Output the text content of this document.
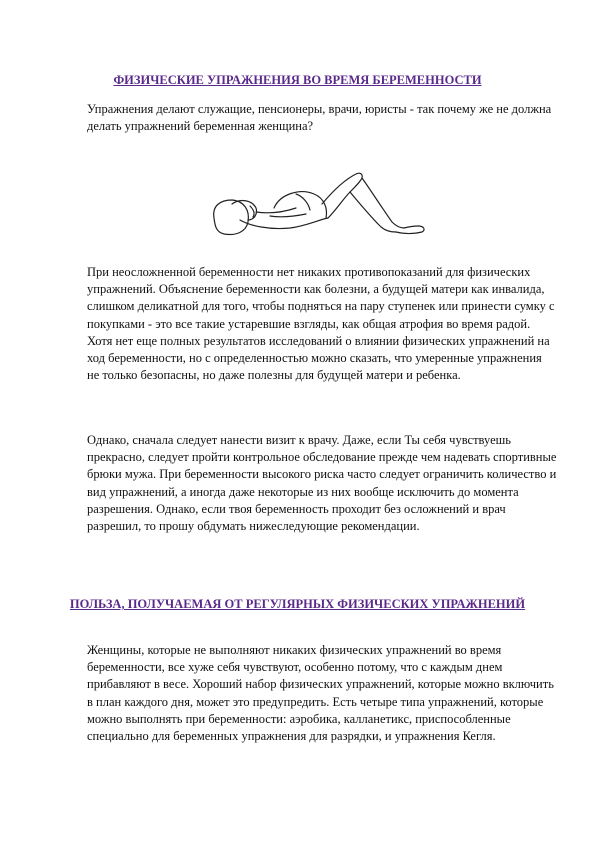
ФИЗИЧЕСКИЕ УПРАЖНЕНИЯ ВО ВРЕМЯ БЕРЕМЕННОСТИ

Упражнения делают служащие, пенсионеры, врачи, юристы - так почему же не должна делать упражнений беременная женщина?

При неосложненной беременности нет никаких противопоказаний для физических упражнений. Объяснение беременности как болезни, а будущей матери как инвалида, слишком деликатной для того, чтобы подняться на пару ступенек или принести сумку с покупками - это все такие устаревшие взгляды, как общая атрофия во время радой. Хотя нет еще полных результатов исследований о влиянии физических упражнений на ход беременности, но с определенностью можно сказать, что умеренные упражнения не только безопасны, но даже полезны для будущей матери и ребенка.

Однако, сначала следует нанести визит к врачу. Даже, если Ты себя чувствуешь прекрасно, следует пройти контрольное обследование прежде чем надевать спортивные брюки мужа. При беременности высокого риска часто следует ограничить количество и вид упражнений, а иногда даже некоторые из них вообще исключить до момента разрешения. Однако, если твоя беременность проходит без осложнений и врач разрешил, то прошу обдумать нижеследующие рекомендации.

ПОЛЬЗА, ПОЛУЧАЕМАЯ ОТ РЕГУЛЯРНЫХ ФИЗИЧЕСКИХ УПРАЖНЕНИЙ

Женщины, которые не выполняют никаких физических упражнений во время беременности, все хуже себя чувствуют, особенно потому, что с каждым днем прибавляют в весе. Хороший набор физических упражнений, которые можно включить в план каждого дня, может это предупредить. Есть четыре типа упражнений, которые можно выполнять при беременности: аэробика, калланетикс, приспособленные специально для беременных упражнения для разрядки, и упражнения Кегля.
